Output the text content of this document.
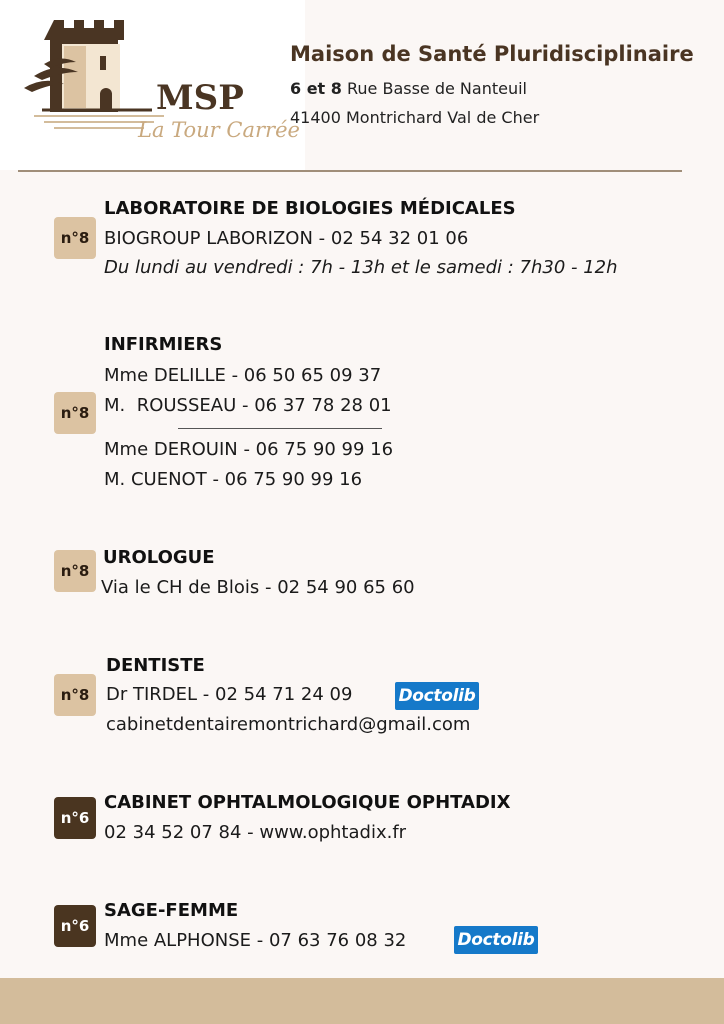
MSP
La Tour Carrée
Maison de Santé Pluridisciplinaire
6 et 8 Rue Basse de Nanteuil
41400 Montrichard Val de Cher
n°8
LABORATOIRE DE BIOLOGIES MÉDICALES
BIOGROUP LABORIZON - 02 54 32 01 06
Du lundi au vendredi : 7h - 13h et le samedi : 7h30 - 12h
n°8
INFIRMIERS
Mme DELILLE - 06 50 65 09 37
M.  ROUSSEAU - 06 37 78 28 01
Mme DEROUIN - 06 75 90 99 16
M. CUENOT - 06 75 90 99 16
n°8
UROLOGUE
Via le CH de Blois - 02 54 90 65 60
n°8
DENTISTE
Dr TIRDEL - 02 54 71 24 09	Doctolib
cabinetdentairemontrichard@gmail.com
n°6
CABINET OPHTALMOLOGIQUE OPHTADIX
02 34 52 07 84 - www.ophtadix.fr
n°6
SAGE-FEMME
Mme ALPHONSE - 07 63 76 08 32	Doctolib
